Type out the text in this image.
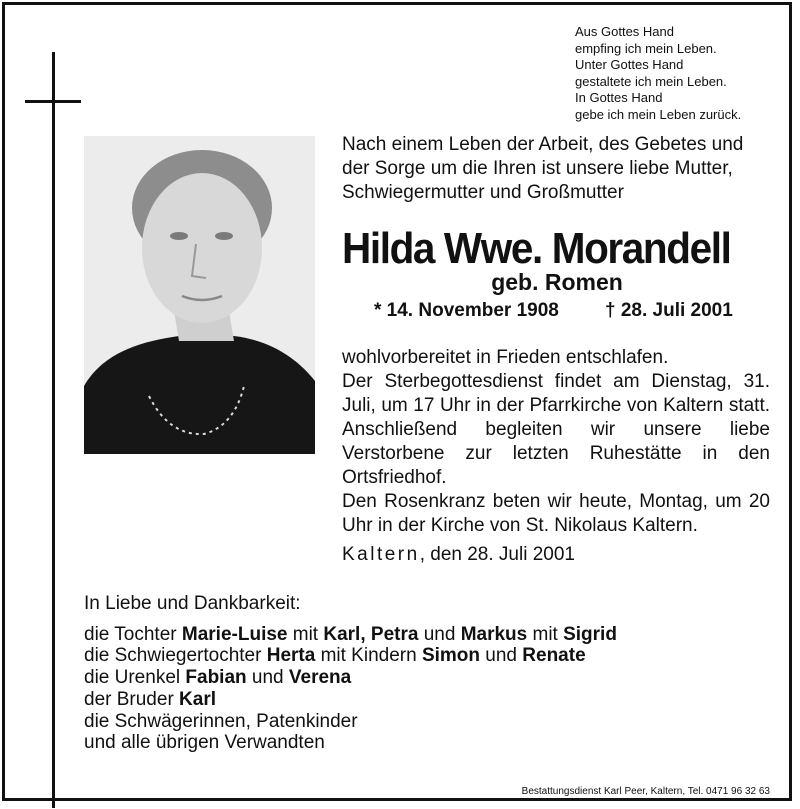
Aus Gottes Hand
empfing ich mein Leben.
Unter Gottes Hand
gestaltete ich mein Leben.
In Gottes Hand
gebe ich mein Leben zurück.
Nach einem Leben der Arbeit, des Gebetes und
der Sorge um die Ihren ist unsere liebe Mutter,
Schwiegermutter und Großmutter
Hilda Wwe. Morandell
geb. Romen
* 14. November 1908 † 28. Juli 2001

wohlvorbereitet in Frieden entschlafen.

Der Sterbegottesdienst findet am Dienstag, 31. Juli, um 17 Uhr in der Pfarrkirche von Kaltern statt. Anschließend begleiten wir unsere liebe Verstorbene zur letzten Ruhestätte in den Ortsfriedhof.

Den Rosenkranz beten wir heute, Montag, um 20 Uhr in der Kirche von St. Nikolaus Kaltern.

Kaltern, den 28. Juli 2001
In Liebe und Dankbarkeit:
die Tochter Marie-Luise mit Karl, Petra und Markus mit Sigrid
die Schwiegertochter Herta mit Kindern Simon und Renate
die Urenkel Fabian und Verena
der Bruder Karl
die Schwägerinnen, Patenkinder
und alle übrigen Verwandten
Bestattungsdienst Karl Peer, Kaltern, Tel. 0471 96 32 63
